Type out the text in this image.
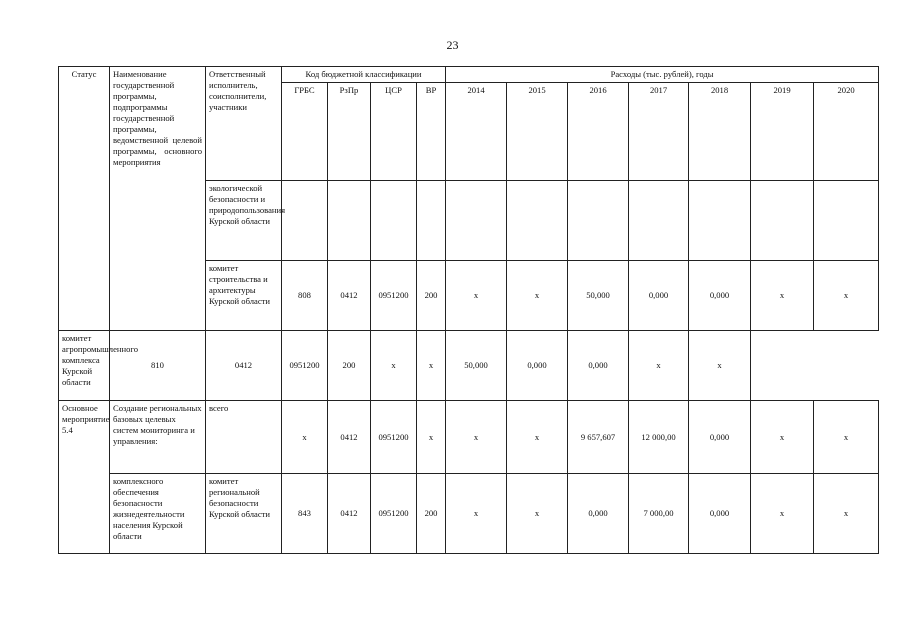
23
Статус	Наименование государственной программы, подпрограммы государственной программы, ведомственной целевой программы, основного мероприятия	Ответственный исполнитель, соисполнители, участники	Код бюджетной классификации				Расходы (тыс. рублей), годы						
			ГРБС	РзПр	ЦСР	ВР	2014	2015	2016	2017	2018	2019	2020
		экологической безопасности и природопользования Курской области											
		комитет строительства и архитектуры Курской области	808	0412	0951200	200	х	х	50,000	0,000	0,000	х	х
комитет агропромышленного комплекса Курской области	810	0412	0951200	200	х	х	50,000	0,000	0,000	х	х		
Основное мероприятие 5.4	Создание региональных базовых целевых систем мониторинга и управления:	всего	х	0412	0951200	х	х	х	9 657,607	12 000,00	0,000	х	х
	комплексного обеспечения безопасности жизнедеятельности населения Курской области	комитет региональной безопасности Курской области	843	0412	0951200	200	х	х	0,000	7 000,00	0,000	х	х
